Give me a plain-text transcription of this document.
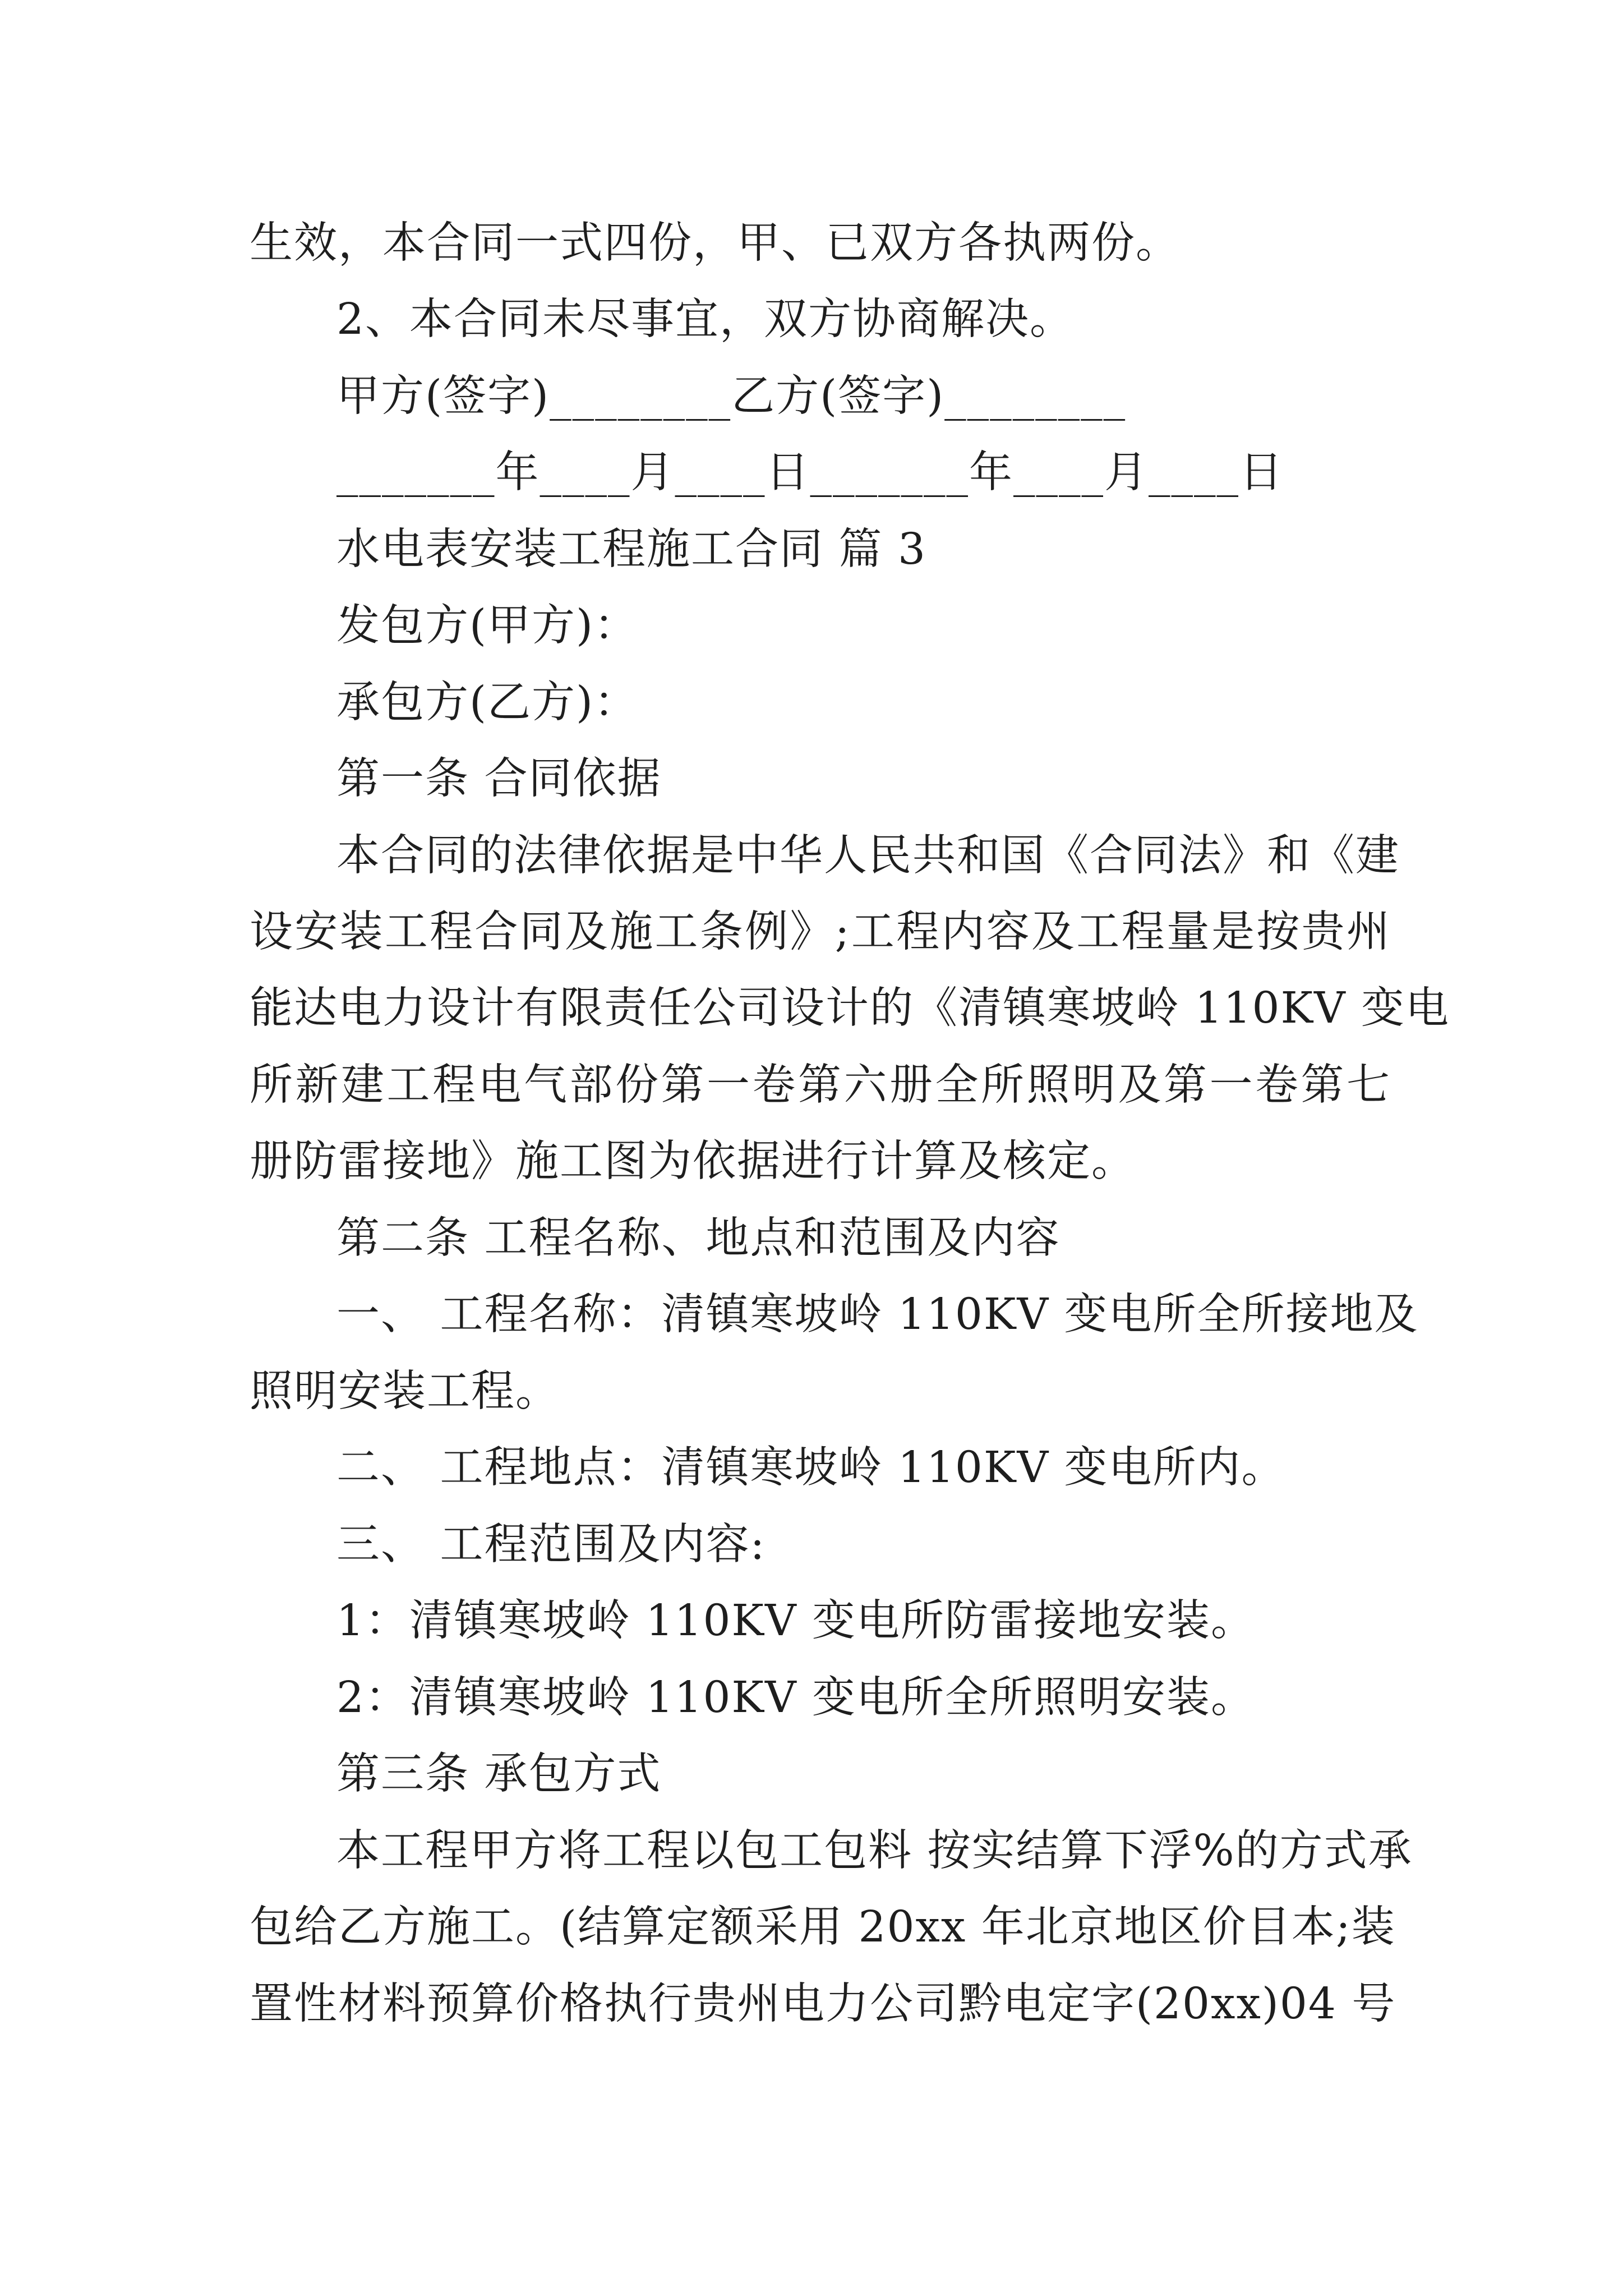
生效，本合同一式四份，甲、已双方各执两份。
2、本合同未尽事宜，双方协商解决。
甲方(签字)________乙方(签字)________
_______年____月____日_______年____月____日
水电表安装工程施工合同 篇 3
发包方(甲方)：
承包方(乙方)：
第一条 合同依据
本合同的法律依据是中华人民共和国《合同法》和《建
设安装工程合同及施工条例》;工程内容及工程量是按贵州
能达电力设计有限责任公司设计的《清镇寒坡岭 110KV 变电
所新建工程电气部份第一卷第六册全所照明及第一卷第七
册防雷接地》施工图为依据进行计算及核定。
第二条 工程名称、地点和范围及内容
一、 工程名称：清镇寒坡岭 110KV 变电所全所接地及
照明安装工程。
二、 工程地点：清镇寒坡岭 110KV 变电所内。
三、 工程范围及内容:
1：清镇寒坡岭 110KV 变电所防雷接地安装。
2：清镇寒坡岭 110KV 变电所全所照明安装。
第三条 承包方式
本工程甲方将工程以包工包料 按实结算下浮%的方式承
包给乙方施工。(结算定额采用 20xx 年北京地区价目本;装
置性材料预算价格执行贵州电力公司黔电定字(20xx)04 号
